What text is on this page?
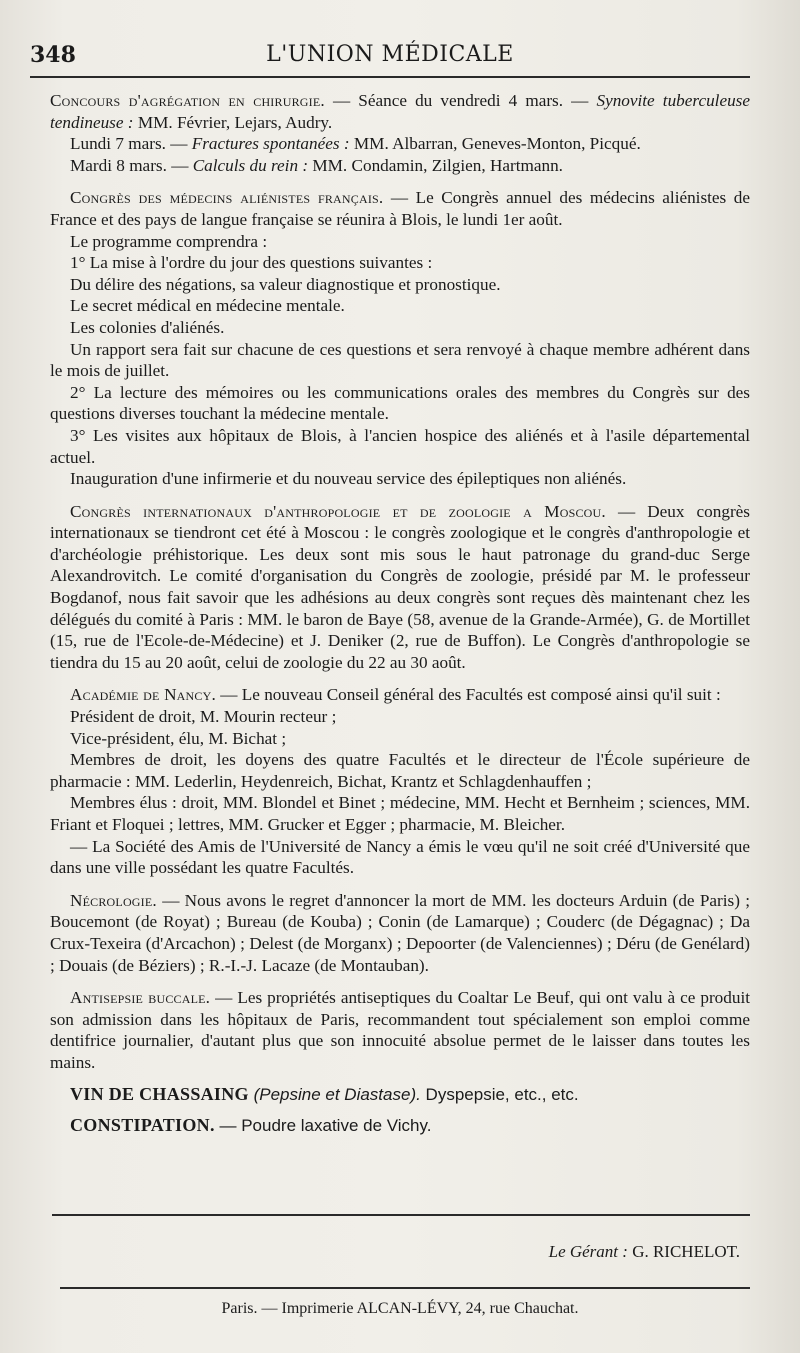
348	L'UNION MÉDICALE

Concours d'agrégation en chirurgie. — Séance du vendredi 4 mars. — Synovite tuberculeuse tendineuse : MM. Février, Lejars, Audry.

Lundi 7 mars. — Fractures spontanées : MM. Albarran, Geneves-Monton, Picqué.

Mardi 8 mars. — Calculs du rein : MM. Condamin, Zilgien, Hartmann.

Congrès des médecins aliénistes français. — Le Congrès annuel des médecins aliénistes de France et des pays de langue française se réunira à Blois, le lundi 1er août.

Le programme comprendra :

1° La mise à l'ordre du jour des questions suivantes :

Du délire des négations, sa valeur diagnostique et pronostique.

Le secret médical en médecine mentale.

Les colonies d'aliénés.

Un rapport sera fait sur chacune de ces questions et sera renvoyé à chaque membre adhérent dans le mois de juillet.

2° La lecture des mémoires ou les communications orales des membres du Congrès sur des questions diverses touchant la médecine mentale.

3° Les visites aux hôpitaux de Blois, à l'ancien hospice des aliénés et à l'asile départemental actuel.

Inauguration d'une infirmerie et du nouveau service des épileptiques non aliénés.

Congrès internationaux d'anthropologie et de zoologie a Moscou. — Deux congrès internationaux se tiendront cet été à Moscou : le congrès zoologique et le congrès d'anthropologie et d'archéologie préhistorique. Les deux sont mis sous le haut patronage du grand-duc Serge Alexandrovitch. Le comité d'organisation du Congrès de zoologie, présidé par M. le professeur Bogdanof, nous fait savoir que les adhésions au deux congrès sont reçues dès maintenant chez les délégués du comité à Paris : MM. le baron de Baye (58, avenue de la Grande-Armée), G. de Mortillet (15, rue de l'Ecole-de-Médecine) et J. Deniker (2, rue de Buffon). Le Congrès d'anthropologie se tiendra du 15 au 20 août, celui de zoologie du 22 au 30 août.

Académie de Nancy. — Le nouveau Conseil général des Facultés est composé ainsi qu'il suit :

Président de droit, M. Mourin recteur ;

Vice-président, élu, M. Bichat ;

Membres de droit, les doyens des quatre Facultés et le directeur de l'École supérieure de pharmacie : MM. Lederlin, Heydenreich, Bichat, Krantz et Schlagdenhauffen ;

Membres élus : droit, MM. Blondel et Binet ; médecine, MM. Hecht et Bernheim ; sciences, MM. Friant et Floquei ; lettres, MM. Grucker et Egger ; pharmacie, M. Bleicher.

— La Société des Amis de l'Université de Nancy a émis le vœu qu'il ne soit créé d'Université que dans une ville possédant les quatre Facultés.

Nécrologie. — Nous avons le regret d'annoncer la mort de MM. les docteurs Arduin (de Paris) ; Boucemont (de Royat) ; Bureau (de Kouba) ; Conin (de Lamarque) ; Couderc (de Dégagnac) ; Da Crux-Texeira (d'Arcachon) ; Delest (de Morganx) ; Depoorter (de Valenciennes) ; Déru (de Genélard) ; Douais (de Béziers) ; R.-I.-J. Lacaze (de Montauban).

Antisepsie buccale. — Les propriétés antiseptiques du Coaltar Le Beuf, qui ont valu à ce produit son admission dans les hôpitaux de Paris, recommandent tout spécialement son emploi comme dentifrice journalier, d'autant plus que son innocuité absolue permet de le laisser dans toutes les mains.

VIN DE CHASSAING (Pepsine et Diastase). Dyspepsie, etc., etc.

CONSTIPATION. — Poudre laxative de Vichy.

Le Gérant : G. RICHELOT.
Paris. — Imprimerie ALCAN-LÉVY, 24, rue Chauchat.
